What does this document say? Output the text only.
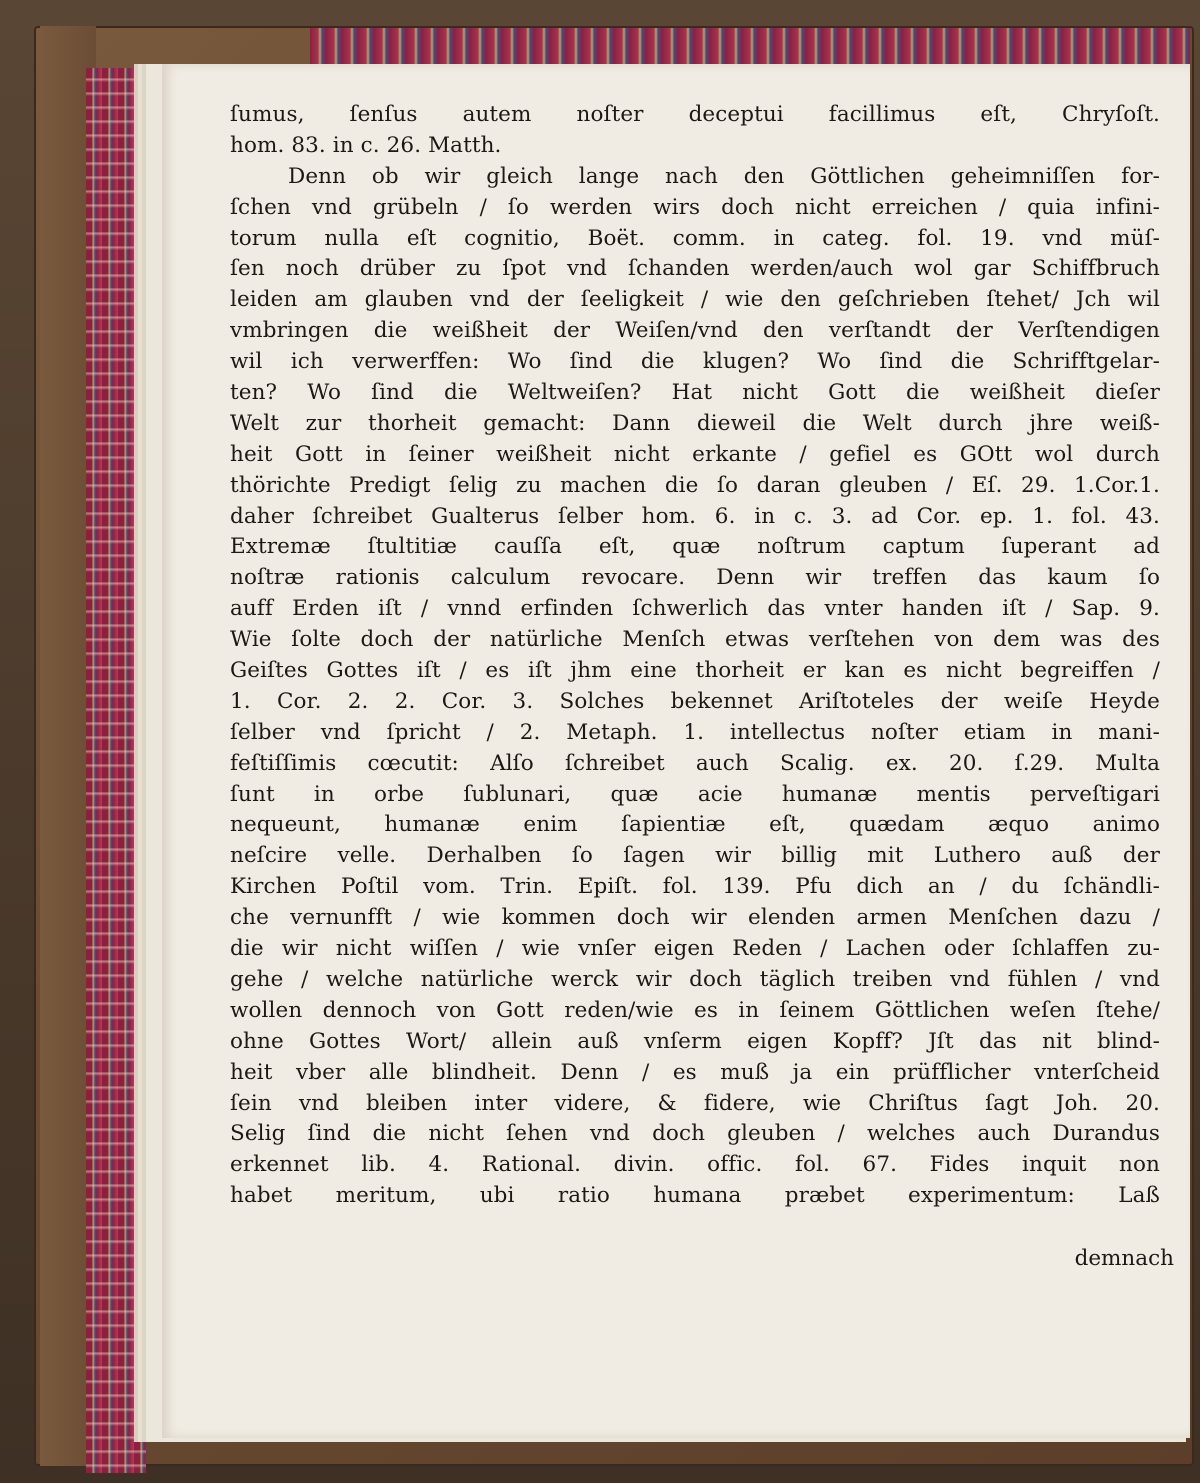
ſumus, ſenſus autem noſter deceptui facillimus eſt, Chryſoſt.
hom. 83. in c. 26. Matth.
Denn ob wir gleich lange nach den Göttlichen geheimniſſen for-
ſchen vnd grübeln / ſo werden wirs doch nicht erreichen / quia infini-
torum nulla eſt cognitio, Boët. comm. in categ. fol. 19. vnd müſ-
ſen noch drüber zu ſpot vnd ſchanden werden/auch wol gar Schiffbruch
leiden am glauben vnd der ſeeligkeit / wie den geſchrieben ſtehet/ Jch wil
vmbringen die weißheit der Weiſen/vnd den verſtandt der Verſtendigen
wil ich verwerffen: Wo ſind die klugen? Wo ſind die Schrifftgelar-
ten? Wo ſind die Weltweiſen? Hat nicht Gott die weißheit dieſer
Welt zur thorheit gemacht: Dann dieweil die Welt durch jhre weiß-
heit Gott in ſeiner weißheit nicht erkante / gefiel es GOtt wol durch
thörichte Predigt ſelig zu machen die ſo daran gleuben / Eſ. 29. 1.Cor.1.
daher ſchreibet Gualterus ſelber hom. 6. in c. 3. ad Cor. ep. 1. fol. 43.
Extremæ ſtultitiæ cauſſa eſt, quæ noſtrum captum ſuperant ad
noſtræ rationis calculum revocare. Denn wir treffen das kaum ſo
auff Erden iſt / vnnd erfinden ſchwerlich das vnter handen iſt / Sap. 9.
Wie ſolte doch der natürliche Menſch etwas verſtehen von dem was des
Geiſtes Gottes iſt / es iſt jhm eine thorheit er kan es nicht begreiffen /
1. Cor. 2. 2. Cor. 3. Solches bekennet Ariſtoteles der weiſe Heyde
ſelber vnd ſpricht / 2. Metaph. 1. intellectus noſter etiam in mani-
feſtiſſimis cœcutit: Alſo ſchreibet auch Scalig. ex. 20. ſ.29. Multa
ſunt in orbe ſublunari, quæ acie humanæ mentis perveſtigari
nequeunt, humanæ enim ſapientiæ eſt, quædam æquo animo
neſcire velle. Derhalben ſo ſagen wir billig mit Luthero auß der
Kirchen Poſtil vom. Trin. Epiſt. fol. 139. Pfu dich an / du ſchändli-
che vernunfft / wie kommen doch wir elenden armen Menſchen dazu /
die wir nicht wiſſen / wie vnſer eigen Reden / Lachen oder ſchlaffen zu-
gehe / welche natürliche werck wir doch täglich treiben vnd fühlen / vnd
wollen dennoch von Gott reden/wie es in ſeinem Göttlichen weſen ſtehe/
ohne Gottes Wort/ allein auß vnſerm eigen Kopff? Jſt das nit blind-
heit vber alle blindheit. Denn / es muß ja ein prüfflicher vnterſcheid
ſein vnd bleiben inter videre, & fidere, wie Chriſtus ſagt Joh. 20.
Selig ſind die nicht ſehen vnd doch gleuben / welches auch Durandus
erkennet lib. 4. Rational. divin. offic. fol. 67. Fides inquit non
habet meritum, ubi ratio humana præbet experimentum: Laß
demnach
